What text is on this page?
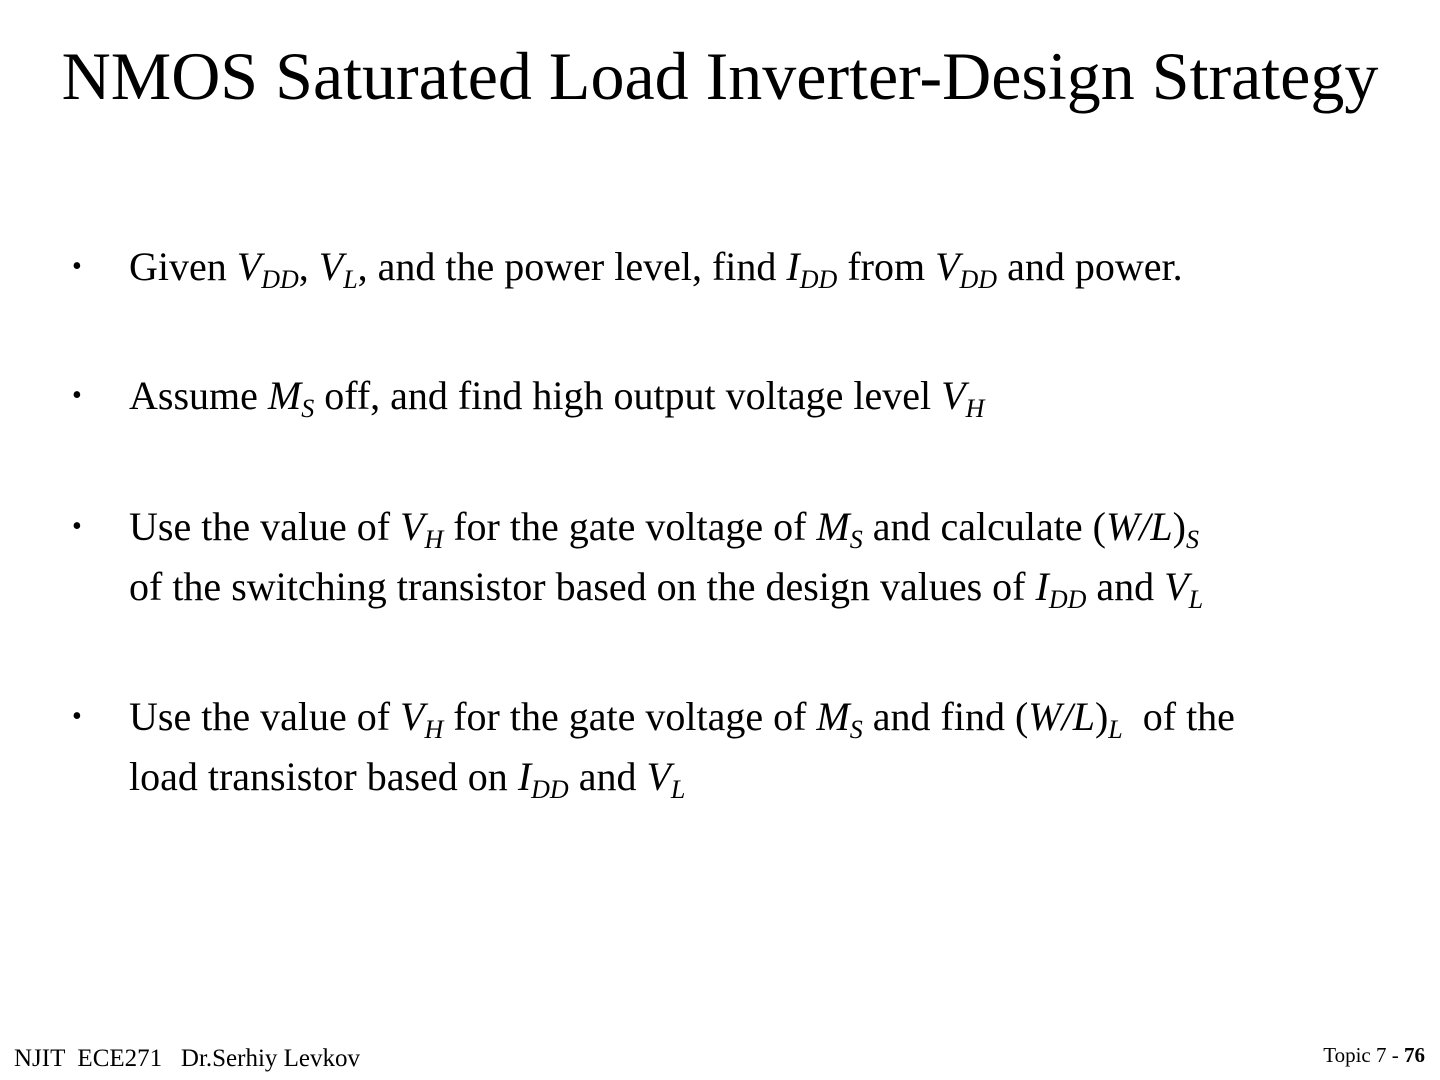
NMOS Saturated Load Inverter-Design Strategy
• Given $V_{DD}$, $V_L$, and the power level, find $I_{DD}$ from $V_{DD}$ and power.
• Assume $M_S$ off, and find high output voltage level $V_H$
• Use the value of $V_H$ for the gate voltage of $M_S$ and calculate $(W/L)_S$
of the switching transistor based on the design values of $I_{DD}$ and $V_L$
• Use the value of $V_H$ for the gate voltage of $M_S$ and find $(W/L)_L$  of the
load transistor based on $I_{DD}$ and $V_L$
NJIT  ECE271   Dr.Serhiy Levkov	Topic 7 - 76
